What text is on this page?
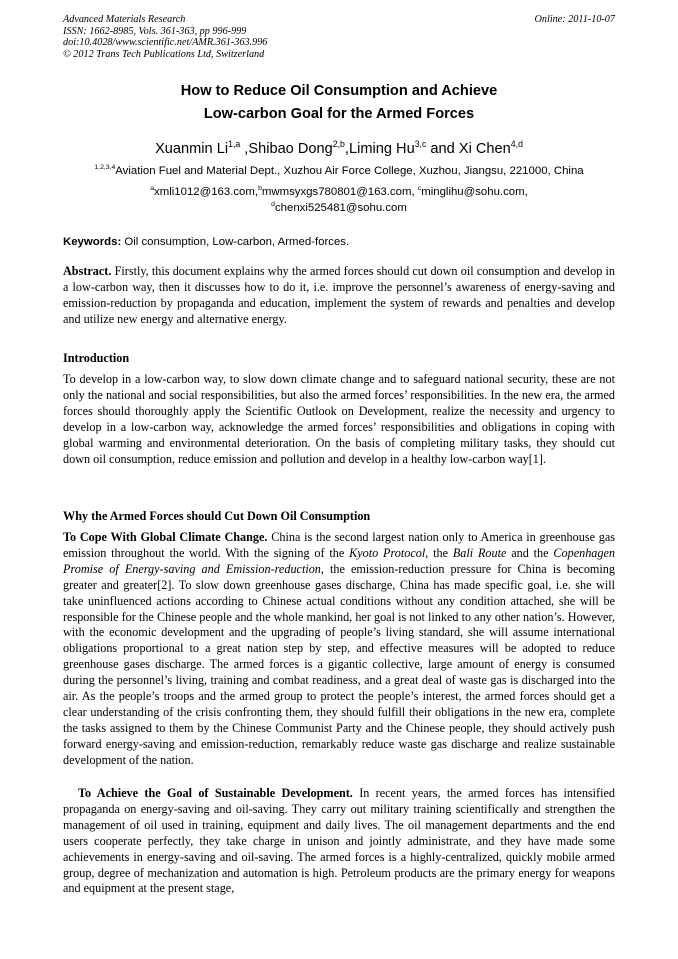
Advanced Materials Research
ISSN: 1662-8985, Vols. 361-363, pp 996-999
doi:10.4028/www.scientific.net/AMR.361-363.996
© 2012 Trans Tech Publications Ltd, Switzerland
Online: 2011-10-07
How to Reduce Oil Consumption and Achieve
Low-carbon Goal for the Armed Forces
Xuanmin Li$^{1,a}$ ,Shibao Dong$^{2,b}$,Liming Hu$^{3,c}$ and Xi Chen$^{4,d}$
$^{1,2,3,4}$Aviation Fuel and Material Dept., Xuzhou Air Force College, Xuzhou, Jiangsu, 221000, China
$^a$xmli1012@163.com,$^b$mwmsyxgs780801@163.com, $^c$minglihu@sohu.com,
$^d$chenxi525481@sohu.com
Keywords: Oil consumption, Low-carbon, Armed-forces.
Abstract. Firstly, this document explains why the armed forces should cut down oil consumption and develop in a low-carbon way, then it discusses how to do it, i.e. improve the personnel’s awareness of energy-saving and emission-reduction by propaganda and education, implement the system of rewards and penalties and develop and utilize new energy and alternative energy.
Introduction
To develop in a low-carbon way, to slow down climate change and to safeguard national security, these are not only the national and social responsibilities, but also the armed forces’ responsibilities. In the new era, the armed forces should thoroughly apply the Scientific Outlook on Development, realize the necessity and urgency to develop in a low-carbon way, acknowledge the armed forces’ responsibilities and obligations in coping with global warming and environmental deterioration. On the basis of completing military tasks, they should cut down oil consumption, reduce emission and pollution and develop in a healthy low-carbon way[1].
Why the Armed Forces should Cut Down Oil Consumption
To Cope With Global Climate Change. China is the second largest nation only to America in greenhouse gas emission throughout the world. With the signing of the Kyoto Protocol, the Bali Route and the Copenhagen Promise of Energy-saving and Emission-reduction, the emission-reduction pressure for China is becoming greater and greater[2]. To slow down greenhouse gases discharge, China has made specific goal, i.e. she will take uninfluenced actions according to Chinese actual conditions without any condition attached, she will be responsible for the Chinese people and the whole mankind, her goal is not linked to any other nation’s. However, with the economic development and the upgrading of people’s living standard, she will assume international obligations proportional to a great nation step by step, and effective measures will be adopted to reduce greenhouse gases discharge. The armed forces is a gigantic collective, large amount of energy is consumed during the personnel’s living, training and combat readiness, and a great deal of waste gas is discharged into the air. As the people’s troops and the armed group to protect the people’s interest, the armed forces should get a clear understanding of the crisis confronting them, they should fulfill their obligations in the new era, complete the tasks assigned to them by the Chinese Communist Party and the Chinese people, they should actively push forward energy-saving and emission-reduction, remarkably reduce waste gas discharge and realize sustainable development of the nation.
To Achieve the Goal of Sustainable Development. In recent years, the armed forces has intensified propaganda on energy-saving and oil-saving. They carry out military training scientifically and strengthen the management of oil used in training, equipment and daily lives. The oil management departments and the end users cooperate perfectly, they take charge in unison and jointly administrate, and they have made some achievements in energy-saving and oil-saving. The armed forces is a highly-centralized, quickly mobile armed group, degree of mechanization and automation is high. Petroleum products are the primary energy for weapons and equipment at the present stage,
